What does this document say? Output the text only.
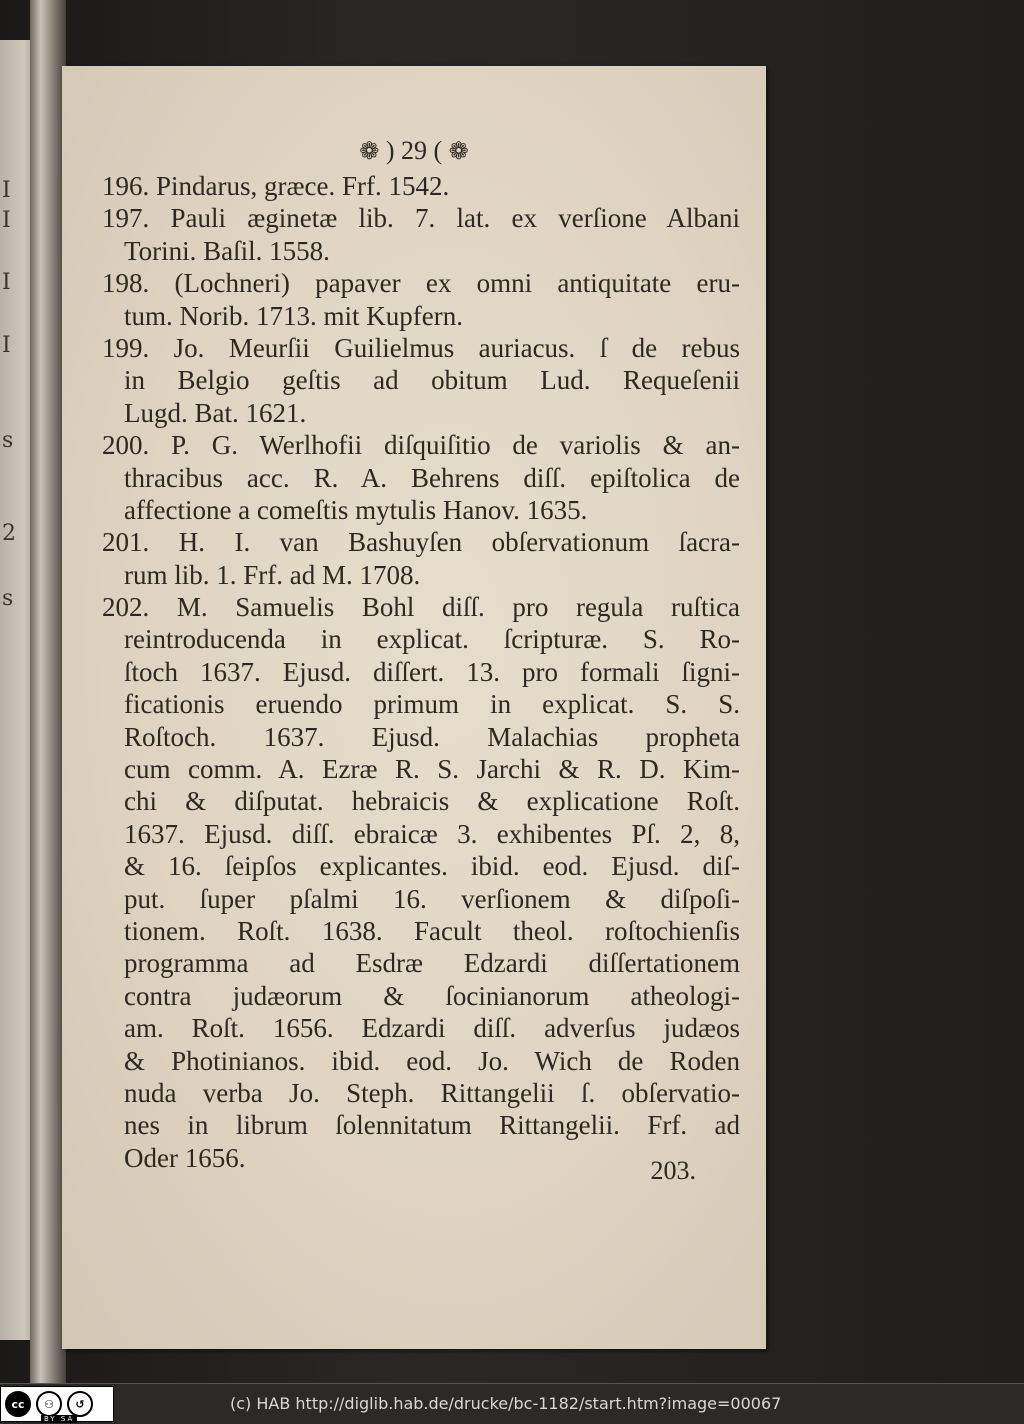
I
I
I
I
s
2
s
❁ ) 29 ( ❁
196. Pindarus, græce. Frf. 1542.
197. Pauli æginetæ lib. 7. lat. ex verſione Albani
Torini. Baſil. 1558.
198. (Lochneri) papaver ex omni antiquitate eru-
tum. Norib. 1713. mit Kupfern.
199. Jo. Meurſii Guilielmus auriacus. ſ de rebus
in Belgio geſtis ad obitum Lud. Requeſenii
Lugd. Bat. 1621.
200. P. G. Werlhofii diſquiſitio de variolis & an-
thracibus acc. R. A. Behrens diſſ. epiſtolica de
affectione a comeſtis mytulis Hanov. 1635.
201. H. I. van Bashuyſen obſervationum ſacra-
rum lib. 1. Frf. ad M. 1708.
202. M. Samuelis Bohl diſſ. pro regula ruſtica
reintroducenda in explicat. ſcripturæ. S. Ro-
ſtoch 1637. Ejusd. diſſert. 13. pro formali ſigni-
ficationis eruendo primum in explicat. S. S.
Roſtoch. 1637. Ejusd. Malachias propheta
cum comm. A. Ezræ R. S. Jarchi & R. D. Kim-
chi & diſputat. hebraicis & explicatione Roſt.
1637. Ejusd. diſſ. ebraicæ 3. exhibentes Pſ. 2, 8,
& 16. ſeipſos explicantes. ibid. eod. Ejusd. diſ-
put. ſuper pſalmi 16. verſionem & diſpoſi-
tionem. Roſt. 1638. Facult theol. roſtochienſis
programma ad Esdræ Edzardi diſſertationem
contra judæorum & ſocinianorum atheologi-
am. Roſt. 1656. Edzardi diſſ. adverſus judæos
& Photinianos. ibid. eod. Jo. Wich de Roden
nuda verba Jo. Steph. Rittangelii ſ. obſervatio-
nes in librum ſolennitatum Rittangelii. Frf. ad
Oder 1656.	203.
cc	⚇	↺
BY SA
(c) HAB http://diglib.hab.de/drucke/bc-1182/start.htm?image=00067
